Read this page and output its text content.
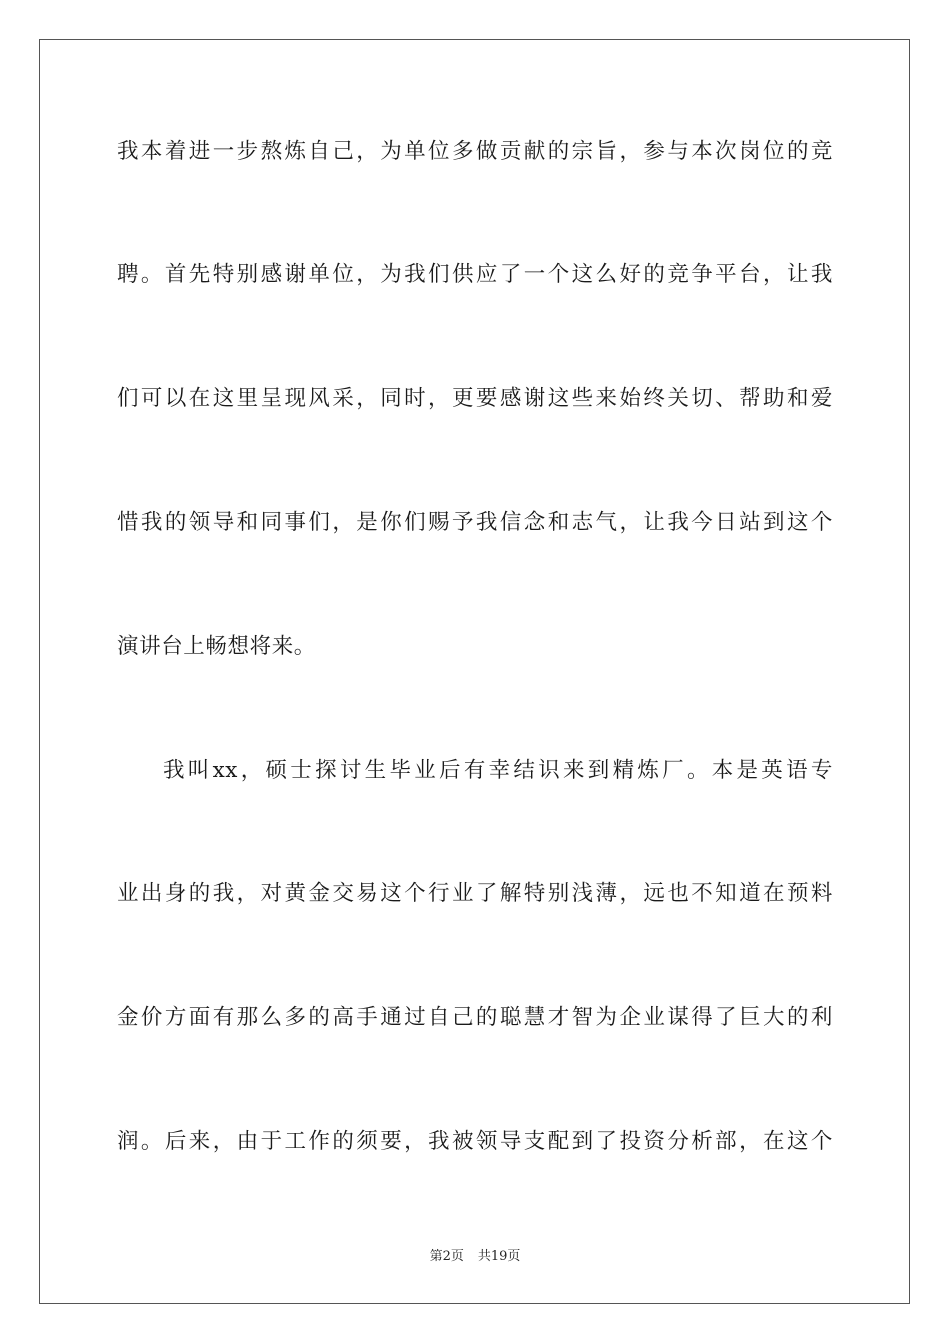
我本着进一步熬炼自己，为单位多做贡献的宗旨，参与本次岗位的竞
聘。首先特别感谢单位，为我们供应了一个这么好的竞争平台，让我
们可以在这里呈现风采，同时，更要感谢这些来始终关切、帮助和爱
惜我的领导和同事们，是你们赐予我信念和志气，让我今日站到这个
演讲台上畅想将来。
我叫xx，硕士探讨生毕业后有幸结识来到精炼厂。本是英语专
业出身的我，对黄金交易这个行业了解特别浅薄，远也不知道在预料
金价方面有那么多的高手通过自己的聪慧才智为企业谋得了巨大的利
润。后来，由于工作的须要，我被领导支配到了投资分析部，在这个
第2页 共19页
